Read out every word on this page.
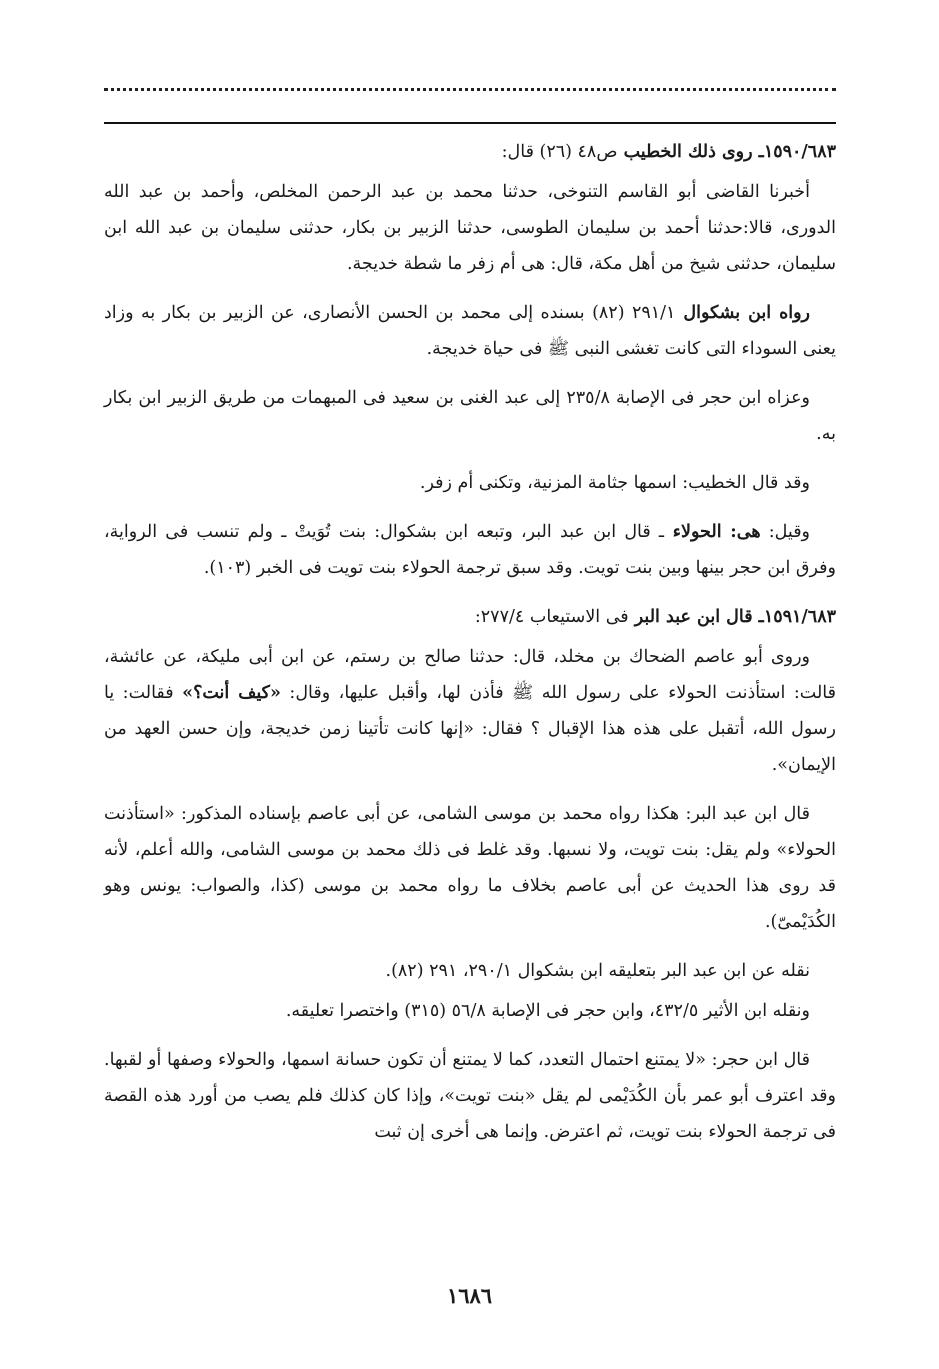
١٥٩٠/٦٨٣ـ روى ذلك الخطيب ص٤٨ (٢٦) قال:

أخبرنا القاضى أبو القاسم التنوخى، حدثنا محمد بن عبد الرحمن المخلص، وأحمد بن عبد الله الدورى، قالا:حدثنا أحمد بن سليمان الطوسى، حدثنا الزبير بن بكار، حدثنى سليمان بن عبد الله ابن سليمان، حدثنى شيخ من أهل مكة، قال: هى أم زفر ما شطة خديجة.

رواه ابن بشكوال ٢٩١/١ (٨٢) بسنده إلى محمد بن الحسن الأنصارى، عن الزبير بن بكار به وزاد يعنى السوداء التى كانت تغشى النبى ﷺ فى حياة خديجة.

وعزاه ابن حجر فى الإصابة ٢٣٥/٨ إلى عبد الغنى بن سعيد فى المبهمات من طريق الزبير ابن بكار به.

وقد قال الخطيب: اسمها جثامة المزنية، وتكنى أم زفر.

وقيل: هى: الحولاء ـ قال ابن عبد البر، وتبعه ابن بشكوال: بنت تُوَيتْ ـ ولم تنسب فى الرواية، وفرق ابن حجر بينها وبين بنت تويت. وقد سبق ترجمة الحولاء بنت تويت فى الخبر (١٠٣).

١٥٩١/٦٨٣ـ قال ابن عبد البر فى الاستيعاب ٢٧٧/٤:

وروى أبو عاصم الضحاك بن مخلد، قال: حدثنا صالح بن رستم، عن ابن أبى مليكة، عن عائشة، قالت: استأذنت الحولاء على رسول الله ﷺ فأذن لها، وأقبل عليها، وقال: «كيف أنت؟» فقالت: يا رسول الله، أتقبل على هذه هذا الإقبال ؟ فقال: «إنها كانت تأتينا زمن خديجة، وإن حسن العهد من الإيمان».

قال ابن عبد البر: هكذا رواه محمد بن موسى الشامى، عن أبى عاصم بإسناده المذكور: «استأذنت الحولاء» ولم يقل: بنت تويت، ولا نسبها. وقد غلط فى ذلك محمد بن موسى الشامى، والله أعلم، لأنه قد روى هذا الحديث عن أبى عاصم بخلاف ما رواه محمد بن موسى (كذا، والصواب: يونس وهو الكُدَيْمىّ).

نقله عن ابن عبد البر بتعليقه ابن بشكوال ٢٩٠/١، ٢٩١ (٨٢).

ونقله ابن الأثير ٤٣٢/٥، وابن حجر فى الإصابة ٥٦/٨ (٣١٥) واختصرا تعليقه.

قال ابن حجر: «لا يمتنع احتمال التعدد، كما لا يمتنع أن تكون حسانة اسمها، والحولاء وصفها أو لقبها. وقد اعترف أبو عمر بأن الكُدَيْمى لم يقل «بنت تويت»، وإذا كان كذلك فلم يصب من أورد هذه القصة فى ترجمة الحولاء بنت تويت، ثم اعترض. وإنما هى أخرى إن ثبت

١٦٨٦
